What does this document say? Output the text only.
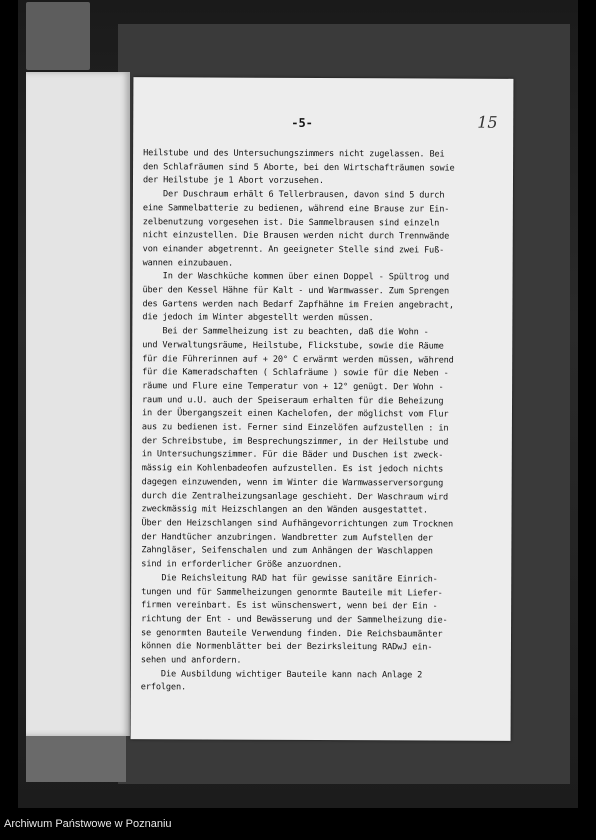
-5-	15
Heilstube und des Untersuchungszimmers nicht zugelassen. Bei
den Schlafräumen sind 5 Aborte, bei den Wirtschafträumen sowie
der Heilstube je 1 Abort vorzusehen.
Der Duschraum erhält 6 Tellerbrausen, davon sind 5 durch
eine Sammelbatterie zu bedienen, während eine Brause zur Ein-
zelbenutzung vorgesehen ist. Die Sammelbrausen sind einzeln
nicht einzustellen. Die Brausen werden nicht durch Trennwände
von einander abgetrennt. An geeigneter Stelle sind zwei Fuß-
wannen einzubauen.
In der Waschküche kommen über einen Doppel - Spültrog und
über den Kessel Hähne für Kalt - und Warmwasser. Zum Sprengen
des Gartens werden nach Bedarf Zapfhähne im Freien angebracht,
die jedoch im Winter abgestellt werden müssen.
Bei der Sammelheizung ist zu beachten, daß die Wohn -
und Verwaltungsräume, Heilstube, Flickstube, sowie die Räume
für die Führerinnen auf + 20° C erwärmt werden müssen, während
für die Kameradschaften ( Schlafräume ) sowie für die Neben -
räume und Flure eine Temperatur von + 12° genügt. Der Wohn -
raum und u.U. auch der Speiseraum erhalten für die Beheizung
in der Übergangszeit einen Kachelofen, der möglichst vom Flur
aus zu bedienen ist. Ferner sind Einzelöfen aufzustellen : in
der Schreibstube, im Besprechungszimmer, in der Heilstube und
in Untersuchungszimmer. Für die Bäder und Duschen ist zweck-
mässig ein Kohlenbadeofen aufzustellen. Es ist jedoch nichts
dagegen einzuwenden, wenn im Winter die Warmwasserversorgung
durch die Zentralheizungsanlage geschieht. Der Waschraum wird
zweckmässig mit Heizschlangen an den Wänden ausgestattet.
Über den Heizschlangen sind Aufhängevorrichtungen zum Trocknen
der Handtücher anzubringen. Wandbretter zum Aufstellen der
Zahngläser, Seifenschalen und zum Anhängen der Waschlappen
sind in erforderlicher Größe anzuordnen.
Die Reichsleitung RAD hat für gewisse sanitäre Einrich-
tungen und für Sammelheizungen genormte Bauteile mit Liefer-
firmen vereinbart. Es ist wünschenswert, wenn bei der Ein -
richtung der Ent - und Bewässerung und der Sammelheizung die-
se genormten Bauteile Verwendung finden. Die Reichsbaumänter
können die Normenblätter bei der Bezirksleitung RADwJ ein-
sehen und anfordern.
Die Ausbildung wichtiger Bauteile kann nach Anlage 2
erfolgen.
Archiwum Państwowe w Poznaniu
